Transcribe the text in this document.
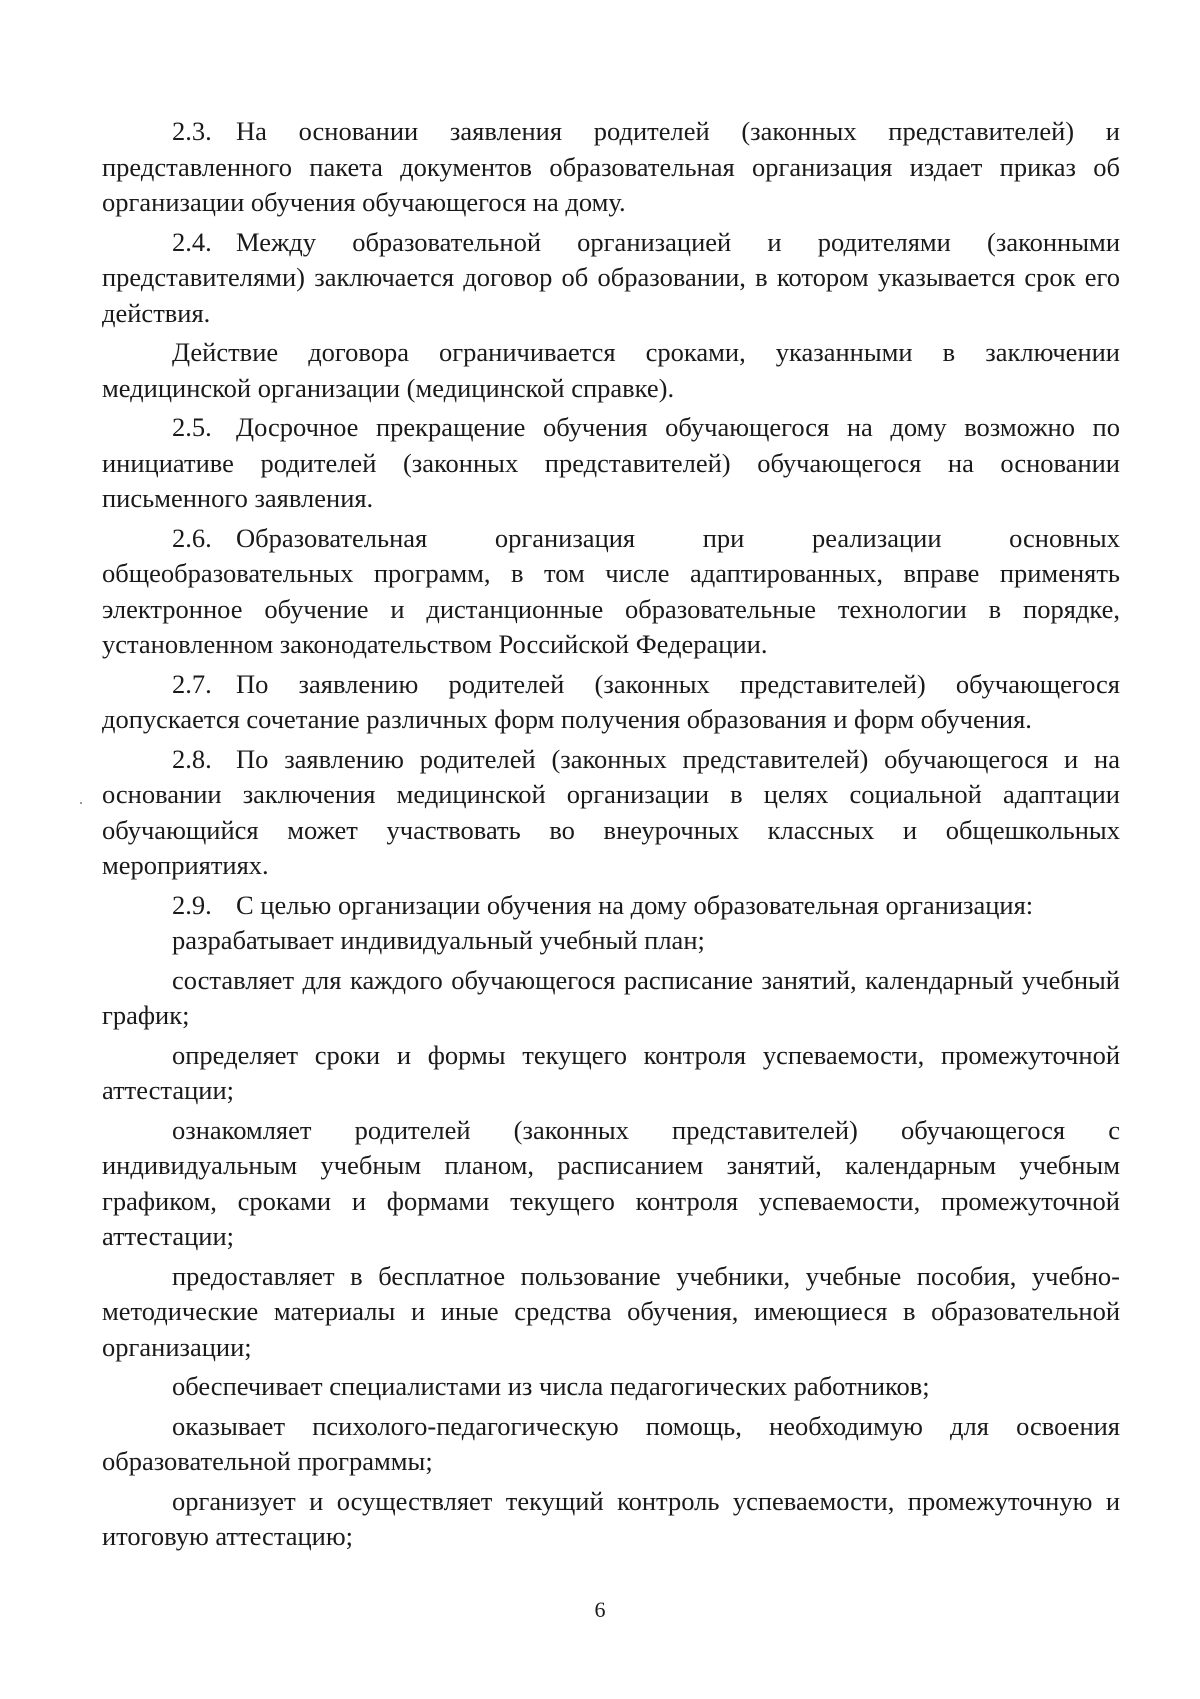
2.3. На основании заявления родителей (законных представителей) и представленного пакета документов образовательная организация издает приказ об организации обучения обучающегося на дому.

2.4. Между образовательной организацией и родителями (законными представителями) заключается договор об образовании, в котором указывается срок его действия.

Действие договора ограничивается сроками, указанными в заключении медицинской организации (медицинской справке).

2.5. Досрочное прекращение обучения обучающегося на дому возможно по инициативе родителей (законных представителей) обучающегося на основании письменного заявления.

2.6. Образовательная организация при реализации основных общеобразовательных программ, в том числе адаптированных, вправе применять электронное обучение и дистанционные образовательные технологии в порядке, установленном законодательством Российской Федерации.

2.7. По заявлению родителей (законных представителей) обучающегося допускается сочетание различных форм получения образования и форм обучения.

2.8. По заявлению родителей (законных представителей) обучающегося и на основании заключения медицинской организации в целях социальной адаптации обучающийся может участвовать во внеурочных классных и общешкольных мероприятиях.

2.9. С целью организации обучения на дому образовательная организация:

разрабатывает индивидуальный учебный план;

составляет для каждого обучающегося расписание занятий, календарный учебный график;

определяет сроки и формы текущего контроля успеваемости, промежуточной аттестации;

ознакомляет родителей (законных представителей) обучающегося с индивидуальным учебным планом, расписанием занятий, календарным учебным графиком, сроками и формами текущего контроля успеваемости, промежуточной аттестации;

предоставляет в бесплатное пользование учебники, учебные пособия, учебно-методические материалы и иные средства обучения, имеющиеся в образовательной организации;

обеспечивает специалистами из числа педагогических работников;

оказывает психолого-педагогическую помощь, необходимую для освоения образовательной программы;

организует и осуществляет текущий контроль успеваемости, промежуточную и итоговую аттестацию;

6
